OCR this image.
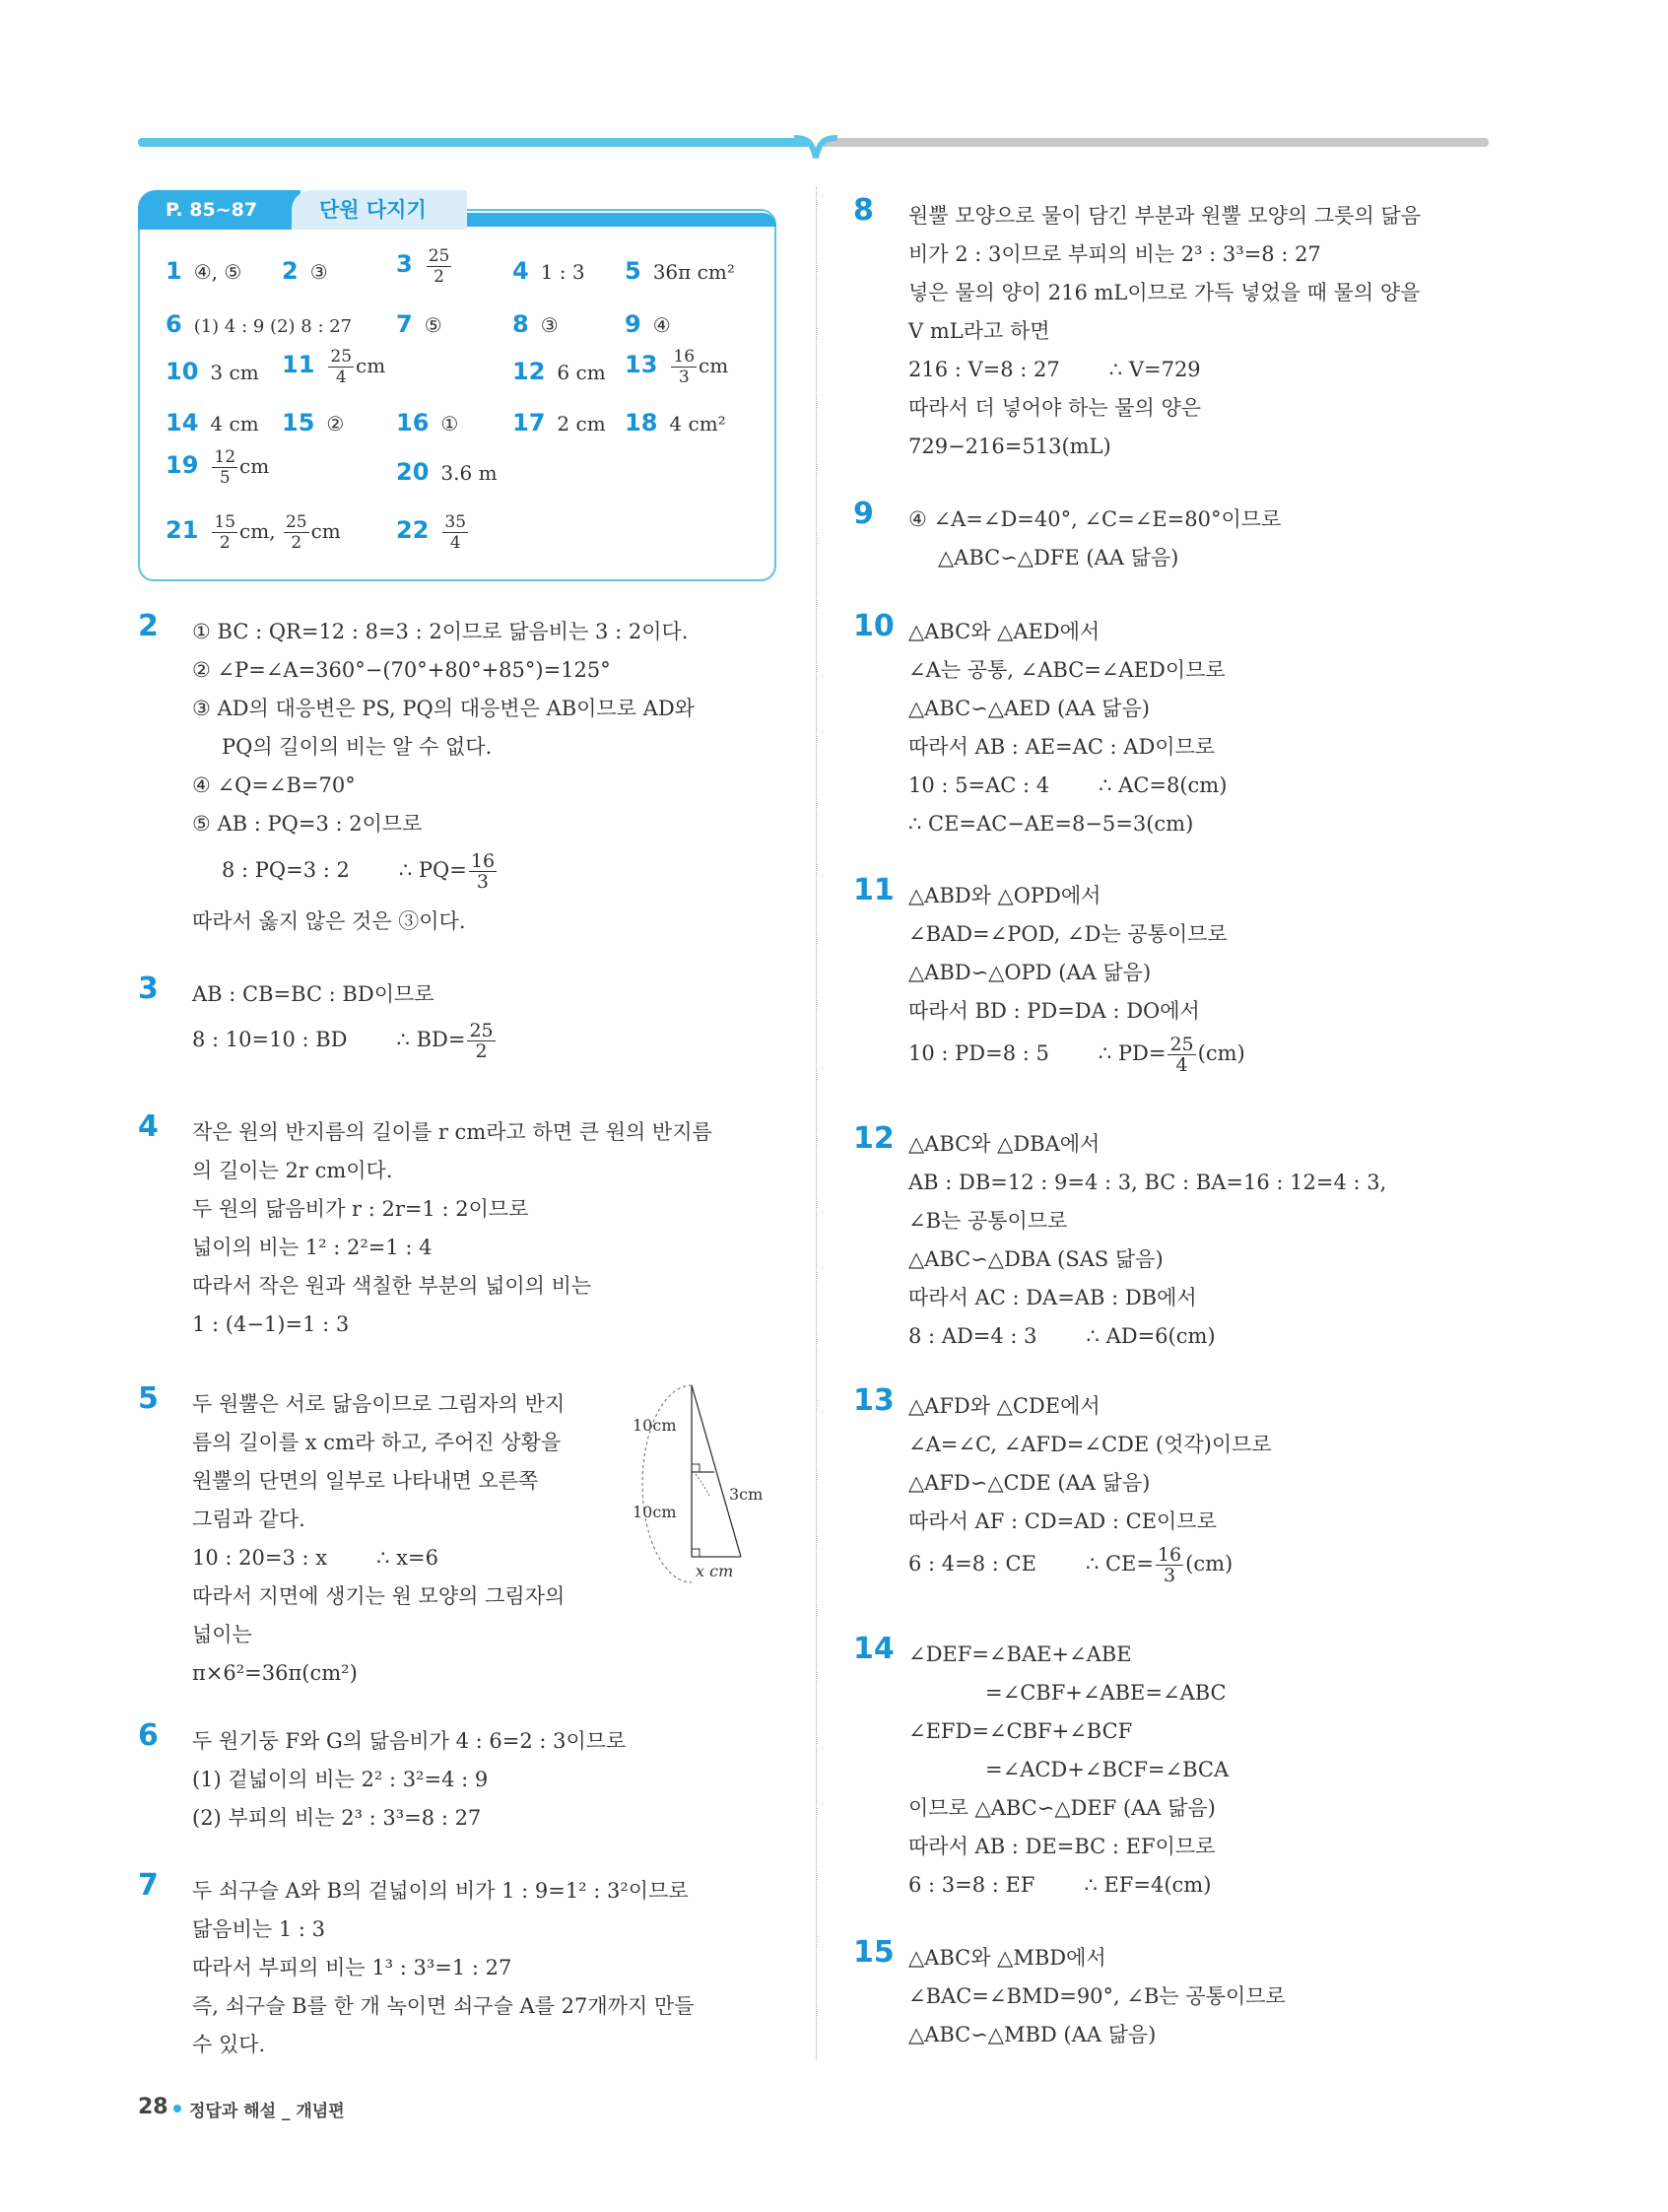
P. 85~87	단원 다지기
1 ④, ⑤ 2 ③	$3 \frac{25}{2}$	4 1 : 3 5 36π cm²
6 (1) 4 : 9 (2) 8 : 27 7 ⑤	8 ③	9 ④
10 3 cm $11 \frac{25}{4}$ cm	12 6 cm $13 \frac{16}{3}$ cm
14 4 cm 15 ② 16 ① 17 2 cm 18 4 cm²
$19 \frac{12}{5}$ cm	20 3.6 m
$21 \frac{15}{2}$ cm, $\frac{25}{2}$ cm $22 \frac{35}{4}$
2 ① BC : QR=12 : 8=3 : 2이므로 닮음비는 3 : 2이다.
② ∠P=∠A=360°−(70°+80°+85°)=125°
③ AD의 대응변은 PS, PQ의 대응변은 AB이므로 AD와
PQ의 길이의 비는 알 수 없다.
④ ∠Q=∠B=70°
⑤ AB : PQ=3 : 2이므로
8 : PQ=3 : 2 ∴ $PQ= \frac{16}{3}$
따라서 옳지 않은 것은 ③이다.
3 AB : CB=BC : BD이므로
8 : 10=10 : BD ∴ $BD= \frac{25}{2}$
4 작은 원의 반지름의 길이를 r cm라고 하면 큰 원의 반지름
의 길이는 2r cm이다.
두 원의 닮음비가 r : 2r=1 : 2이므로
넓이의 비는 1² : 2²=1 : 4
따라서 작은 원과 색칠한 부분의 넓이의 비는
1 : (4−1)=1 : 3
5 두 원뿔은 서로 닮음이므로 그림자의 반지
름의 길이를 x cm라 하고, 주어진 상황을
원뿔의 단면의 일부로 나타내면 오른쪽
그림과 같다.
10 : 20=3 : x ∴ x=6
따라서 지면에 생기는 원 모양의 그림자의
넓이는
π×6²=36π(cm²)
10cm
10cm
3cm
x cm
6 두 원기둥 F와 G의 닮음비가 4 : 6=2 : 3이므로
(1) 겉넓이의 비는 2² : 3²=4 : 9
(2) 부피의 비는 2³ : 3³=8 : 27
7 두 쇠구슬 A와 B의 겉넓이의 비가 1 : 9=1² : 3²이므로
닮음비는 1 : 3
따라서 부피의 비는 1³ : 3³=1 : 27
즉, 쇠구슬 B를 한 개 녹이면 쇠구슬 A를 27개까지 만들
수 있다.
8 원뿔 모양으로 물이 담긴 부분과 원뿔 모양의 그릇의 닮음
비가 2 : 3이므로 부피의 비는 2³ : 3³=8 : 27
넣은 물의 양이 216 mL이므로 가득 넣었을 때 물의 양을
V mL라고 하면
216 : V=8 : 27 ∴ V=729
따라서 더 넣어야 하는 물의 양은
729−216=513(mL)
9 ④ ∠A=∠D=40°, ∠C=∠E=80°이므로
△ABC∽△DFE (AA 닮음)
10 △ABC와 △AED에서
∠A는 공통, ∠ABC=∠AED이므로
△ABC∽△AED (AA 닮음)
따라서 AB : AE=AC : AD이므로
10 : 5=AC : 4 ∴ AC=8(cm)
∴ CE=AC−AE=8−5=3(cm)
11 △ABD와 △OPD에서
∠BAD=∠POD, ∠D는 공통이므로
△ABD∽△OPD (AA 닮음)
따라서 BD : PD=DA : DO에서
10 : PD=8 : 5 ∴ $PD= \frac{25}{4} (cm)$
12 △ABC와 △DBA에서
AB : DB=12 : 9=4 : 3, BC : BA=16 : 12=4 : 3,
∠B는 공통이므로
△ABC∽△DBA (SAS 닮음)
따라서 AC : DA=AB : DB에서
8 : AD=4 : 3 ∴ AD=6(cm)
13 △AFD와 △CDE에서
∠A=∠C, ∠AFD=∠CDE (엇각)이므로
△AFD∽△CDE (AA 닮음)
따라서 AF : CD=AD : CE이므로
6 : 4=8 : CE ∴ $CE= \frac{16}{3} (cm)$
14 ∠DEF=∠BAE+∠ABE
=∠CBF+∠ABE=∠ABC
∠EFD=∠CBF+∠BCF
=∠ACD+∠BCF=∠BCA
이므로 △ABC∽△DEF (AA 닮음)
따라서 AB : DE=BC : EF이므로
6 : 3=8 : EF ∴ EF=4(cm)
15 △ABC와 △MBD에서
∠BAC=∠BMD=90°, ∠B는 공통이므로
△ABC∽△MBD (AA 닮음)
28 정답과 해설 _ 개념편
